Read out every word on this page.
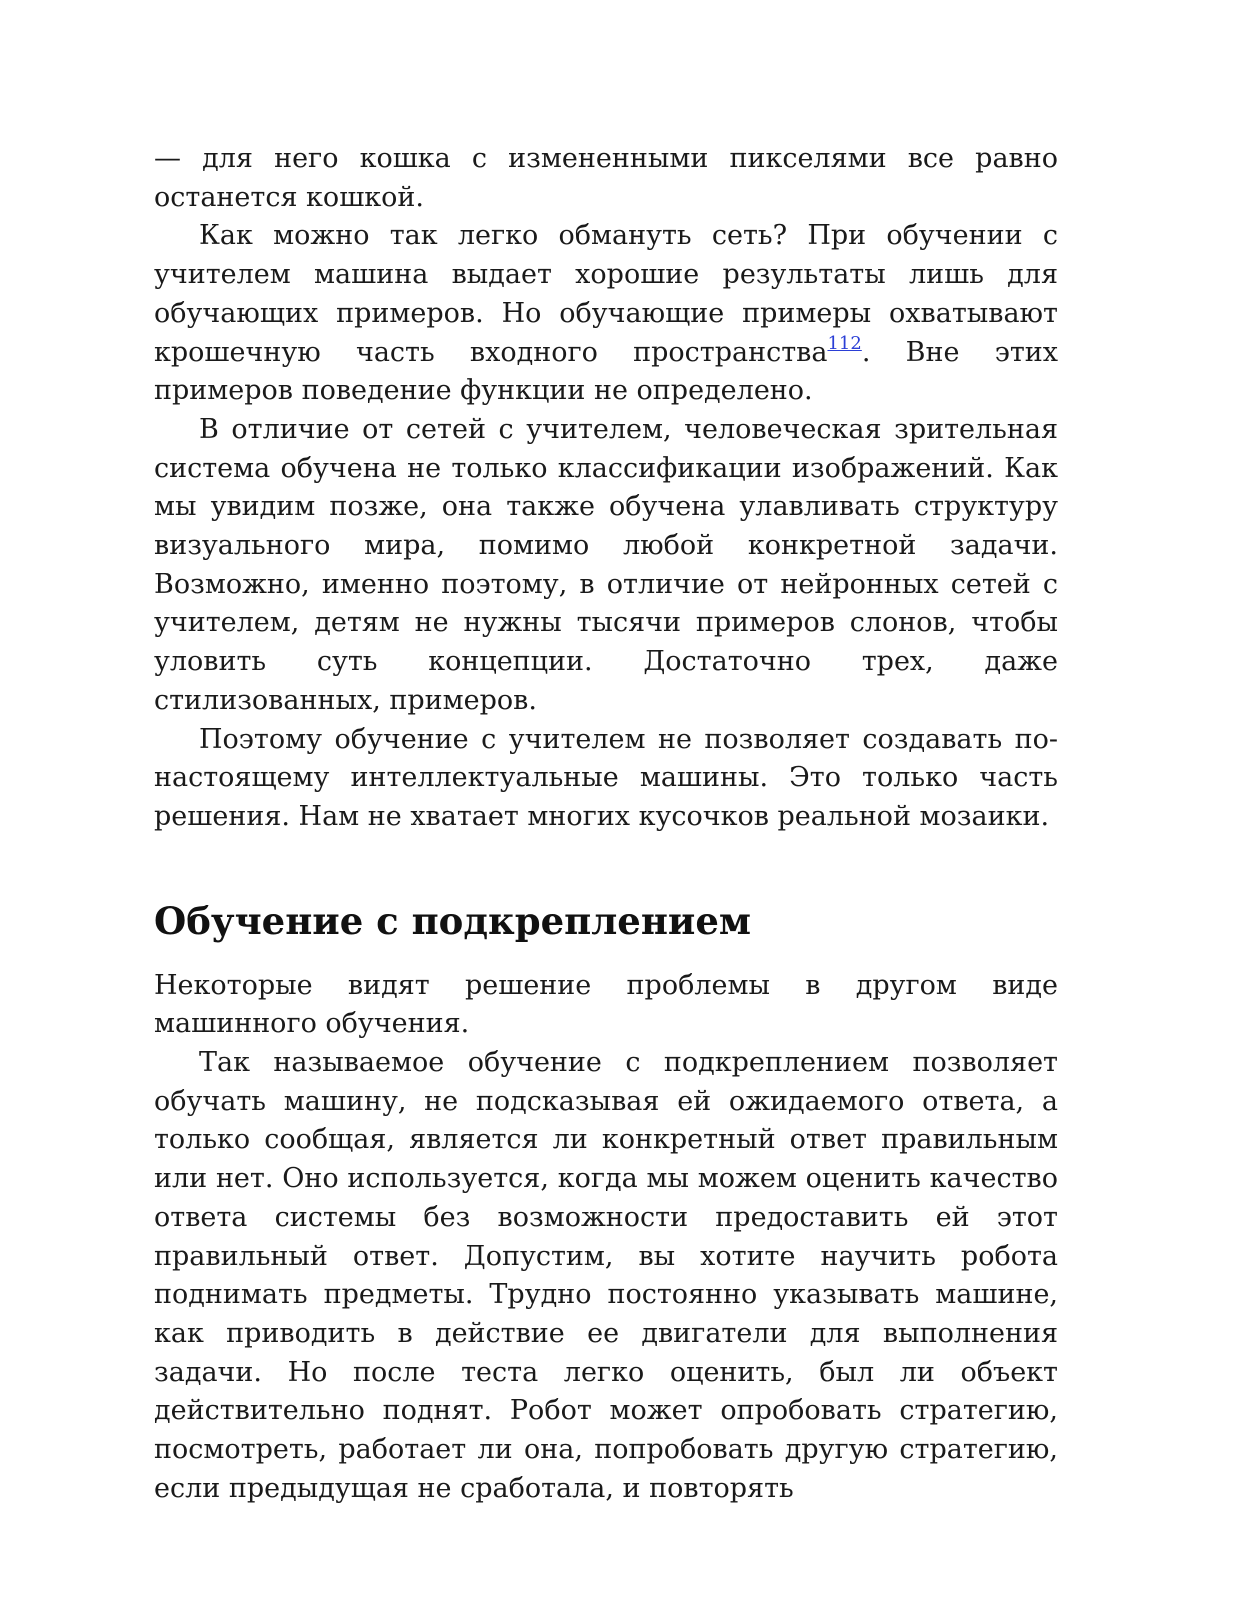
— для него кошка с измененными пикселями все равно останется кошкой.

Как можно так легко обмануть сеть? При обучении с учителем машина выдает хорошие результаты лишь для обучающих примеров. Но обучающие примеры охватывают крошечную часть входного пространства$^{112}$. Вне этих примеров поведение функции не определено.

В отличие от сетей с учителем, человеческая зрительная система обучена не только классификации изображений. Как мы увидим позже, она также обучена улавливать структуру визуального мира, помимо любой конкретной задачи. Возможно, именно поэтому, в отличие от нейронных сетей с учителем, детям не нужны тысячи примеров слонов, чтобы уловить суть концепции. Достаточно трех, даже стилизованных, примеров.

Поэтому обучение с учителем не позволяет создавать по-настоящему интеллектуальные машины. Это только часть решения. Нам не хватает многих кусочков реальной мозаики.

Обучение с подкреплением

Некоторые видят решение проблемы в другом виде машинного обучения.

Так называемое обучение с подкреплением позволяет обучать машину, не подсказывая ей ожидаемого ответа, а только сообщая, является ли конкретный ответ правильным или нет. Оно используется, когда мы можем оценить качество ответа системы без возможности предоставить ей этот правильный ответ. Допустим, вы хотите научить робота поднимать предметы. Трудно постоянно указывать машине, как приводить в действие ее двигатели для выполнения задачи. Но после теста легко оценить, был ли объект действительно поднят. Робот может опробовать стратегию, посмотреть, работает ли она, попробовать другую стратегию, если предыдущая не сработала, и повторять
